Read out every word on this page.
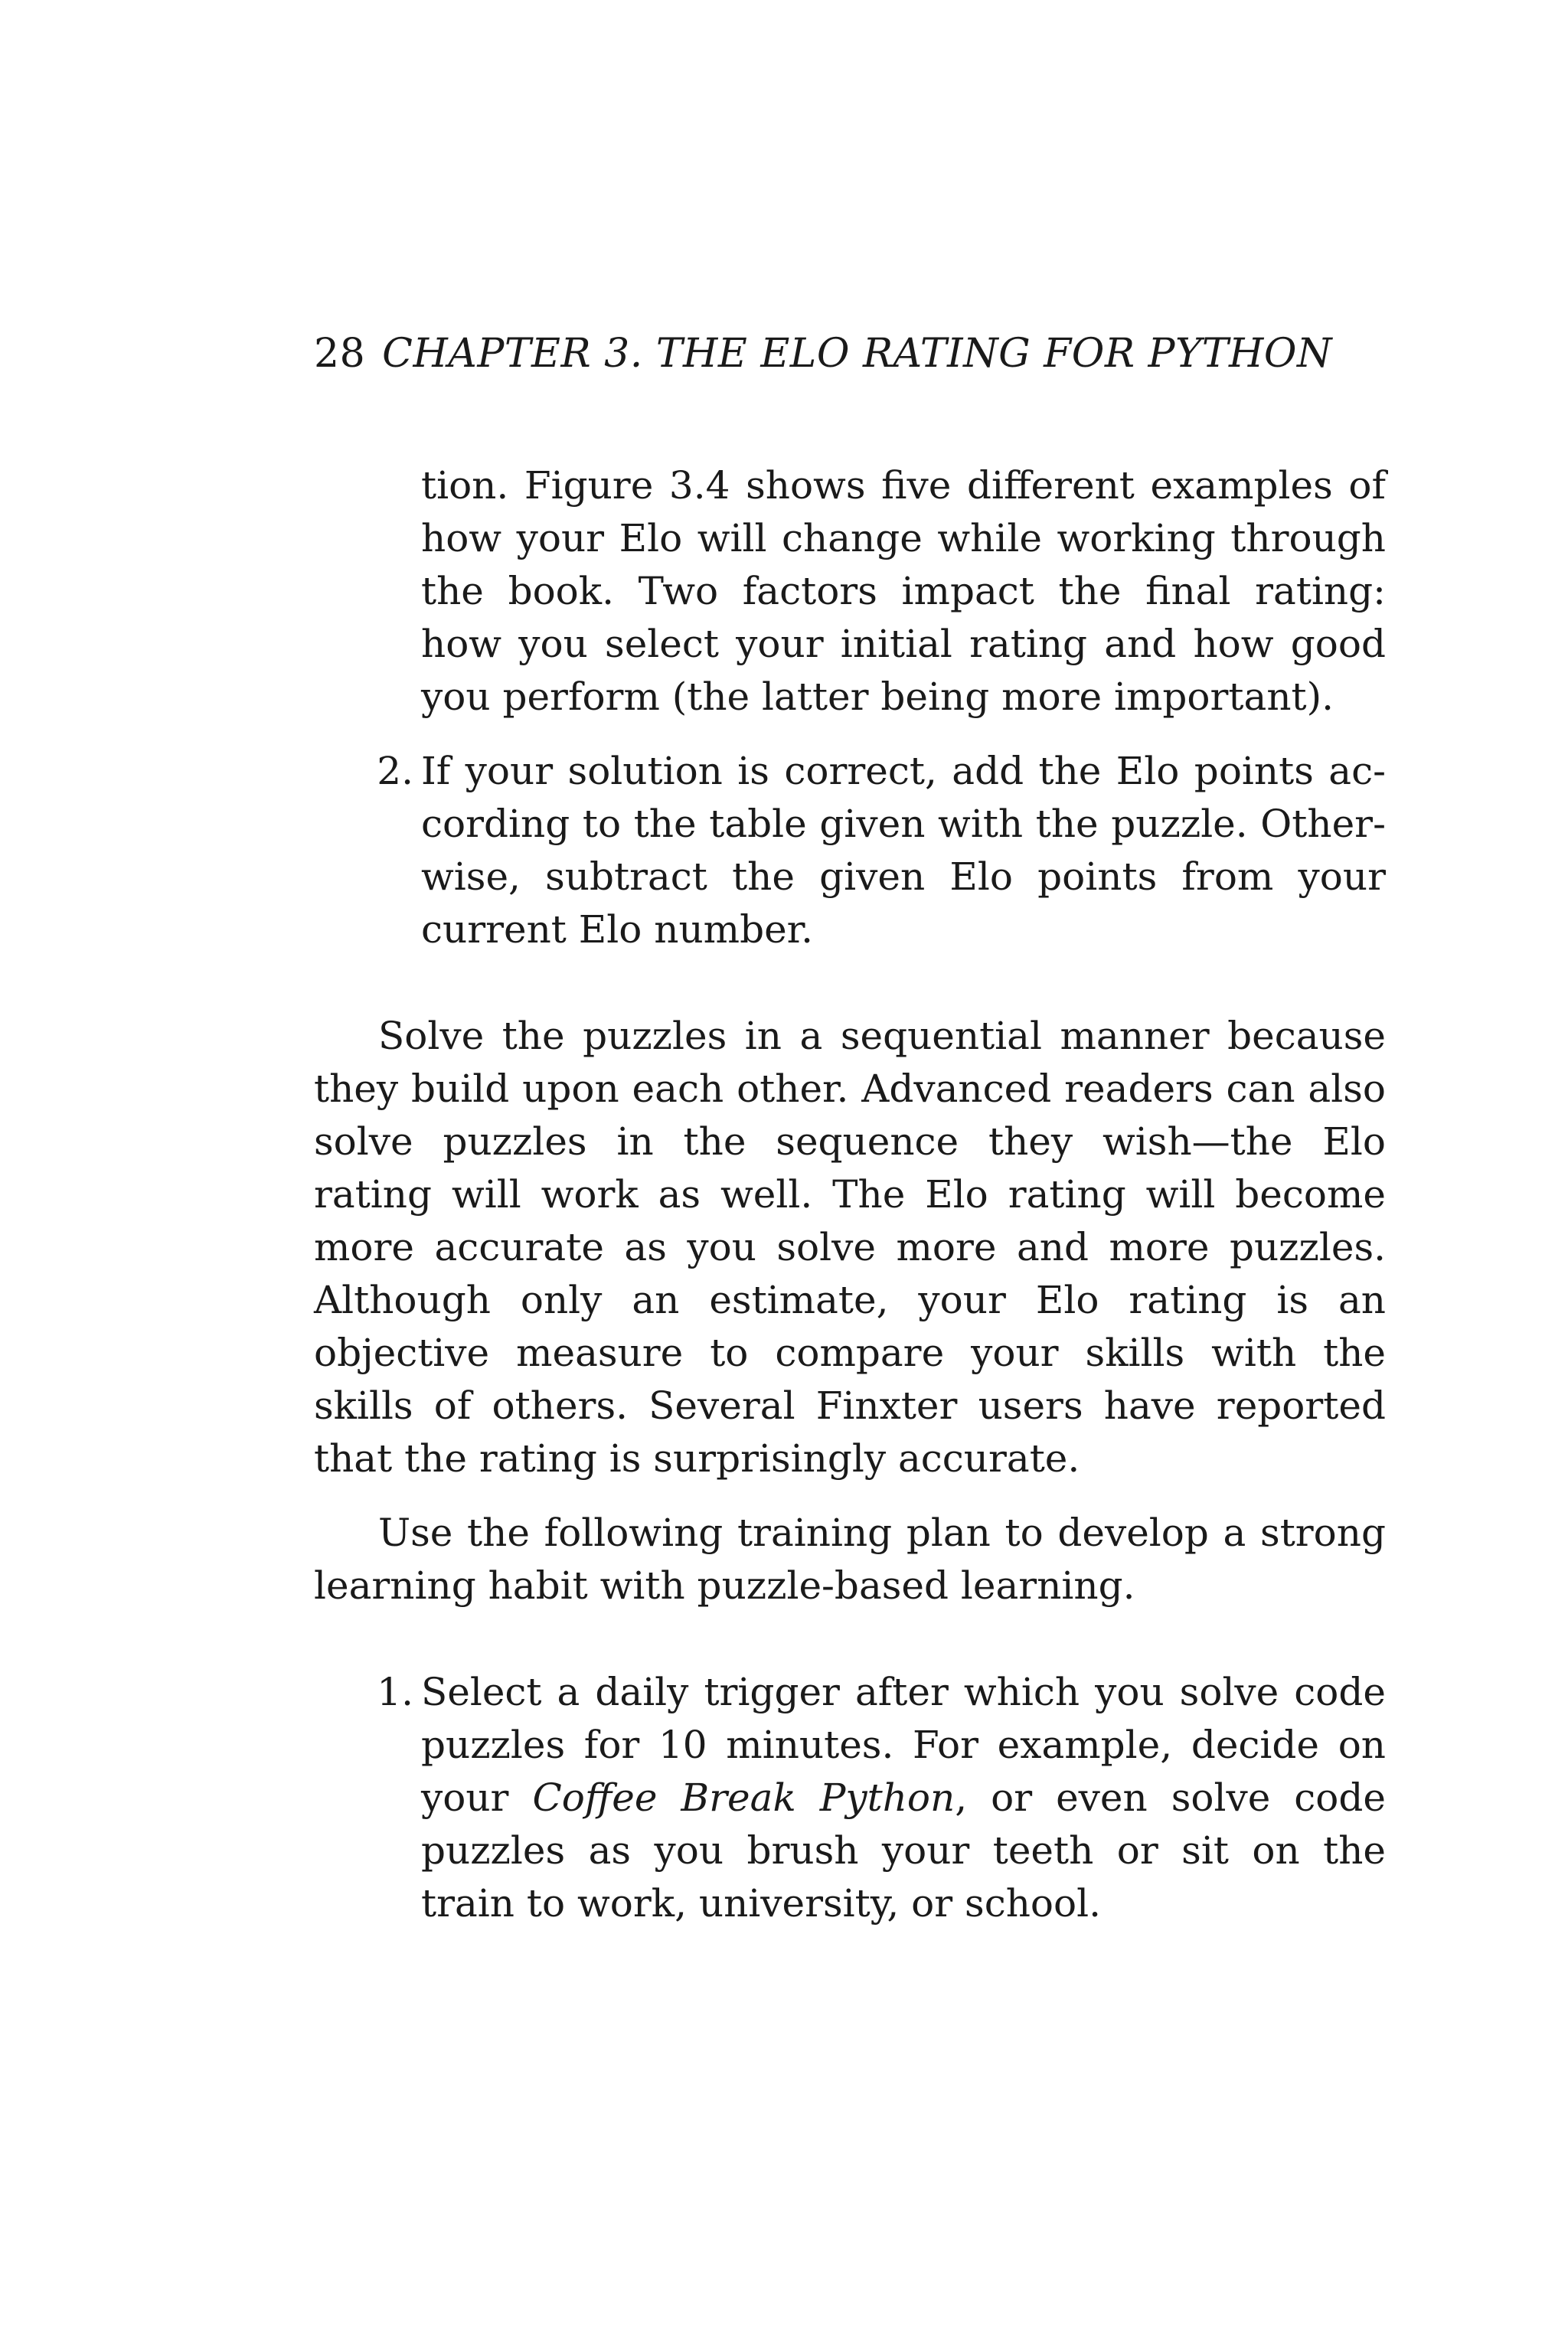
28 CHAPTER 3. THE ELO RATING FOR PYTHON

tion. Figure 3.4 shows five different examples of how your Elo will change while working through the book. Two factors impact the final rating: how you select your initial rating and how good you perform (the latter being more important).

2. If your solution is correct, add the Elo points according to the table given with the puzzle. Otherwise, subtract the given Elo points from your current Elo number.

Solve the puzzles in a sequential manner because they build upon each other. Advanced readers can also solve puzzles in the sequence they wish—the Elo rating will work as well. The Elo rating will become more accurate as you solve more and more puzzles. Although only an estimate, your Elo rating is an objective measure to compare your skills with the skills of others. Several Finxter users have reported that the rating is surprisingly accurate.

Use the following training plan to develop a strong learning habit with puzzle-based learning.

1. Select a daily trigger after which you solve code puzzles for 10 minutes. For example, decide on your Coffee Break Python, or even solve code puzzles as you brush your teeth or sit on the train to work, university, or school.
